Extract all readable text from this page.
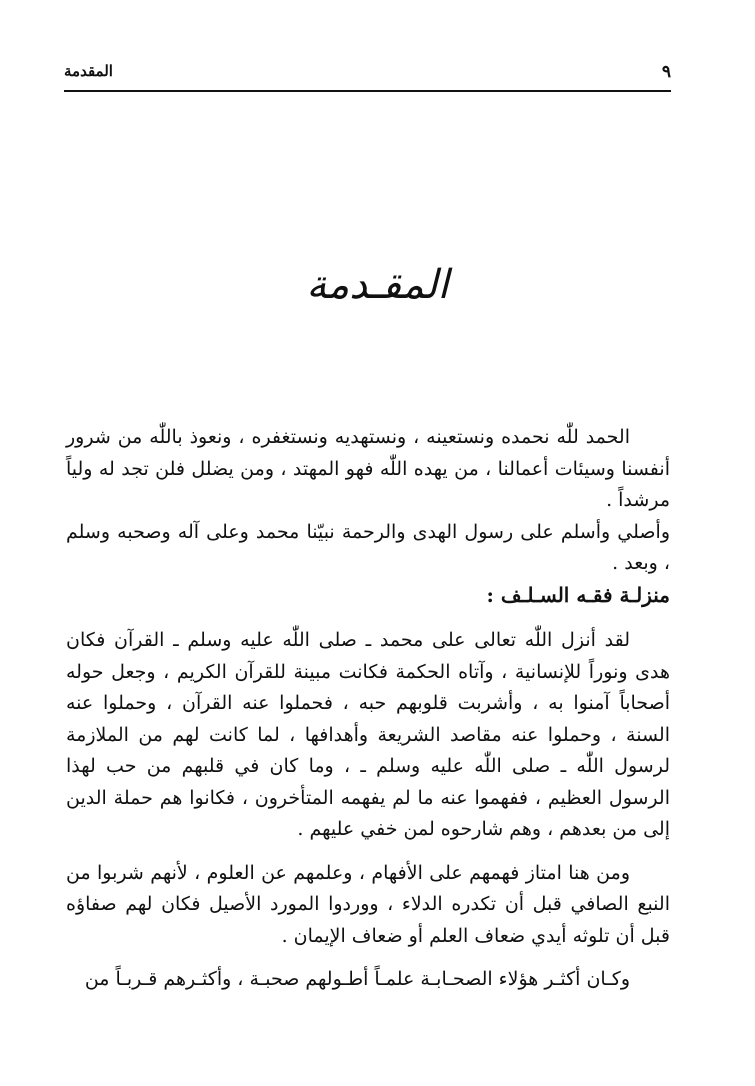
المقدمة	٩
المقـدمة

الحمد للّٰه نحمده ونستعينه ، ونستهديه ونستغفره ، ونعوذ باللّٰه من شرور أنفسنا وسيئات أعمالنا ، من يهده اللّٰه فهو المهتد ، ومن يضلل فلن تجد له ولياً مرشداً .

وأصلي وأسلم على رسول الهدى والرحمة نبيّنا محمد وعلى آله وصحبه وسلم ، وبعد .

منزلـة فقـه السـلـف :

لقد أنزل اللّٰه تعالى على محمد ـ صلى اللّٰه عليه وسلم ـ القرآن فكان هدى ونوراً للإنسانية ، وآتاه الحكمة فكانت مبينة للقرآن الكريم ، وجعل حوله أصحاباً آمنوا به ، وأشربت قلوبهم حبه ، فحملوا عنه القرآن ، وحملوا عنه السنة ، وحملوا عنه مقاصد الشريعة وأهدافها ، لما كانت لهم من الملازمة لرسول اللّٰه ـ صلى اللّٰه عليه وسلم ـ ، وما كان في قلبهم من حب لهذا الرسول العظيم ، ففهموا عنه ما لم يفهمه المتأخرون ، فكانوا هم حملة الدين إلى من بعدهم ، وهم شارحوه لمن خفي عليهم .

ومن هنا امتاز فهمهم على الأفهام ، وعلمهم عن العلوم ، لأنهم شربوا من النبع الصافي قبل أن تكدره الدلاء ، ووردوا المورد الأصيل فكان لهم صفاؤه قبل أن تلوثه أيدي ضعاف العلم أو ضعاف الإيمان .

وكـان أكثـر هؤلاء الصحـابـة علمـاً أطـولهم صحبـة ، وأكثـرهم قـربـاً من
